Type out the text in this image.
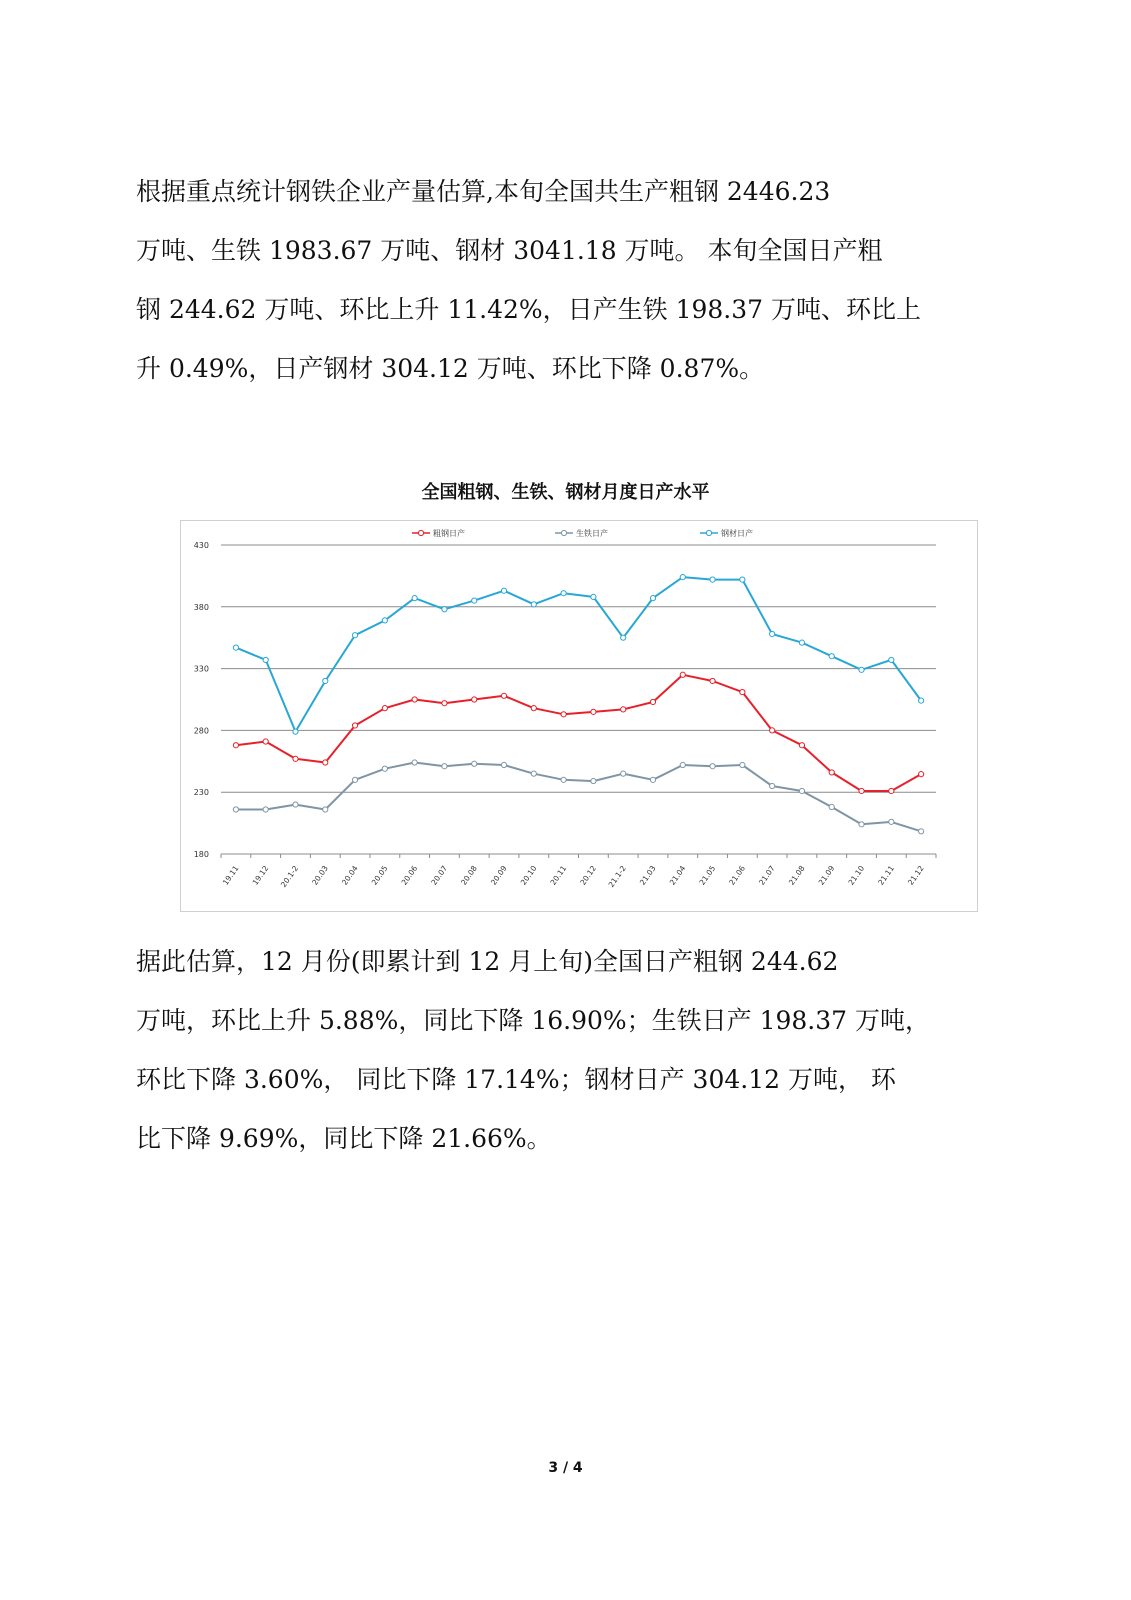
根据重点统计钢铁企业产量估算,本旬全国共生产粗钢 2446.23
万吨、生铁 1983.67 万吨、钢材 3041.18 万吨。 本旬全国日产粗
钢 244.62 万吨、环比上升 11.42%，日产生铁 198.37 万吨、环比上
升 0.49%，日产钢材 304.12 万吨、环比下降 0.87%。
全国粗钢、生铁、钢材月度日产水平
180
230
280
330
380
430
19.11 19.12 20.1-2 20.03 20.04 20.05 20.06 20.07 20.08 20.09 20.10 20.11 20.12 21.1-2 21.03 21.04 21.05 21.06 21.07 21.08 21.09 21.10 21.11 21.12
粗钢日产	生铁日产	钢材日产
据此估算，12 月份(即累计到 12 月上旬)全国日产粗钢 244.62
万吨，环比上升 5.88%，同比下降 16.90%；生铁日产 198.37 万吨，
环比下降 3.60%， 同比下降 17.14%；钢材日产 304.12 万吨， 环
比下降 9.69%，同比下降 21.66%。
3 / 4
